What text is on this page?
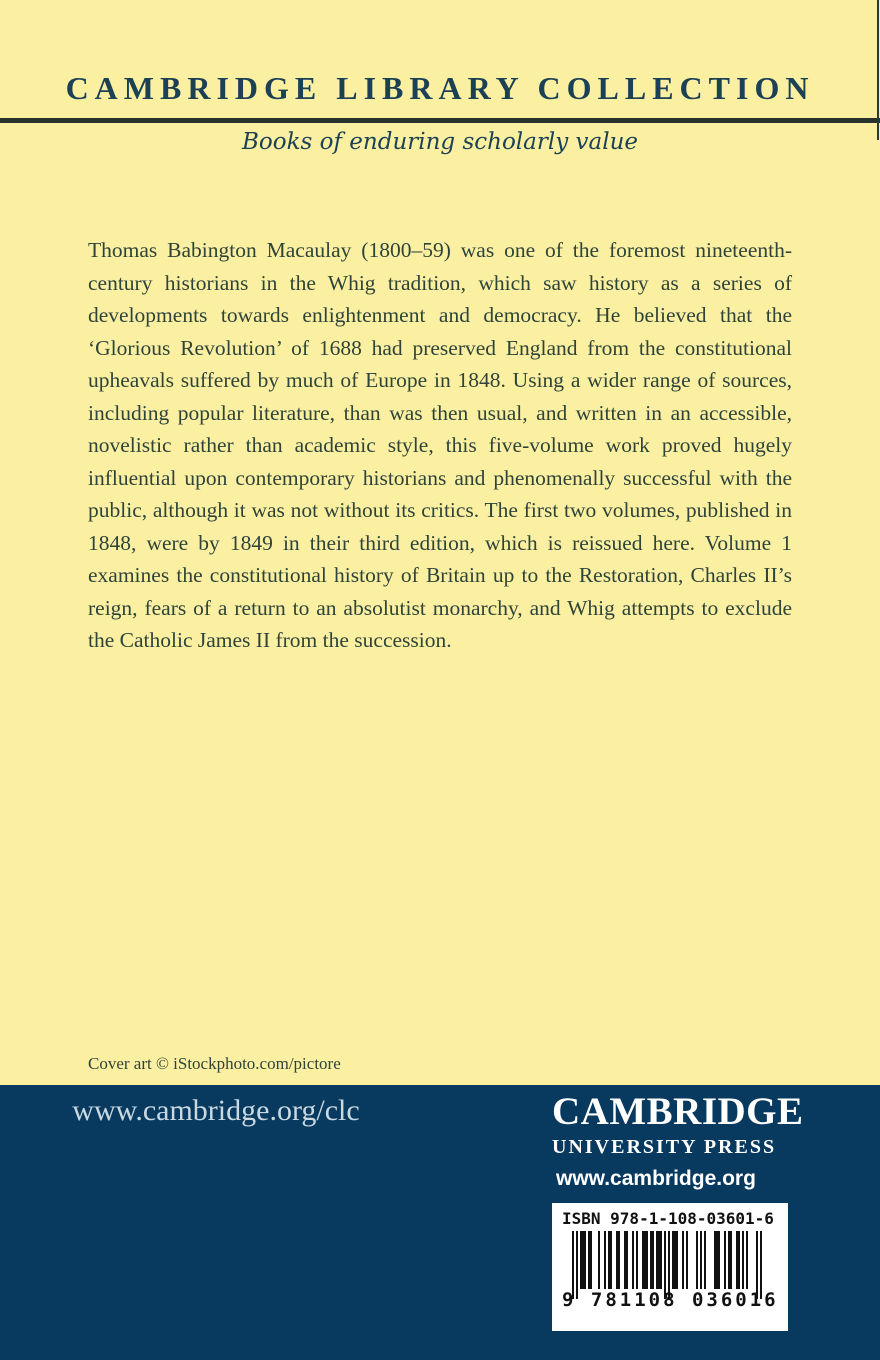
CAMBRIDGE LIBRARY COLLECTION
Books of enduring scholarly value

Thomas Babington Macaulay (1800–59) was one of the foremost nineteenth-century historians in the Whig tradition, which saw history as a series of developments towards enlightenment and democracy. He believed that the ‘Glorious Revolution’ of 1688 had preserved England from the constitutional upheavals suffered by much of Europe in 1848. Using a wider range of sources, including popular literature, than was then usual, and written in an accessible, novelistic rather than academic style, this five-volume work proved hugely influential upon contemporary historians and phenomenally successful with the public, although it was not without its critics. The first two volumes, published in 1848, were by 1849 in their third edition, which is reissued here. Volume 1 examines the constitutional history of Britain up to the Restoration, Charles II’s reign, fears of a return to an absolutist monarchy, and Whig attempts to exclude the Catholic James II from the succession.

Cover art © iStockphoto.com/pictore
www.cambridge.org/clc	CAMBRIDGE
UNIVERSITY PRESS
www.cambridge.org
ISBN 978-1-108-03601-6
9 781108 036016
